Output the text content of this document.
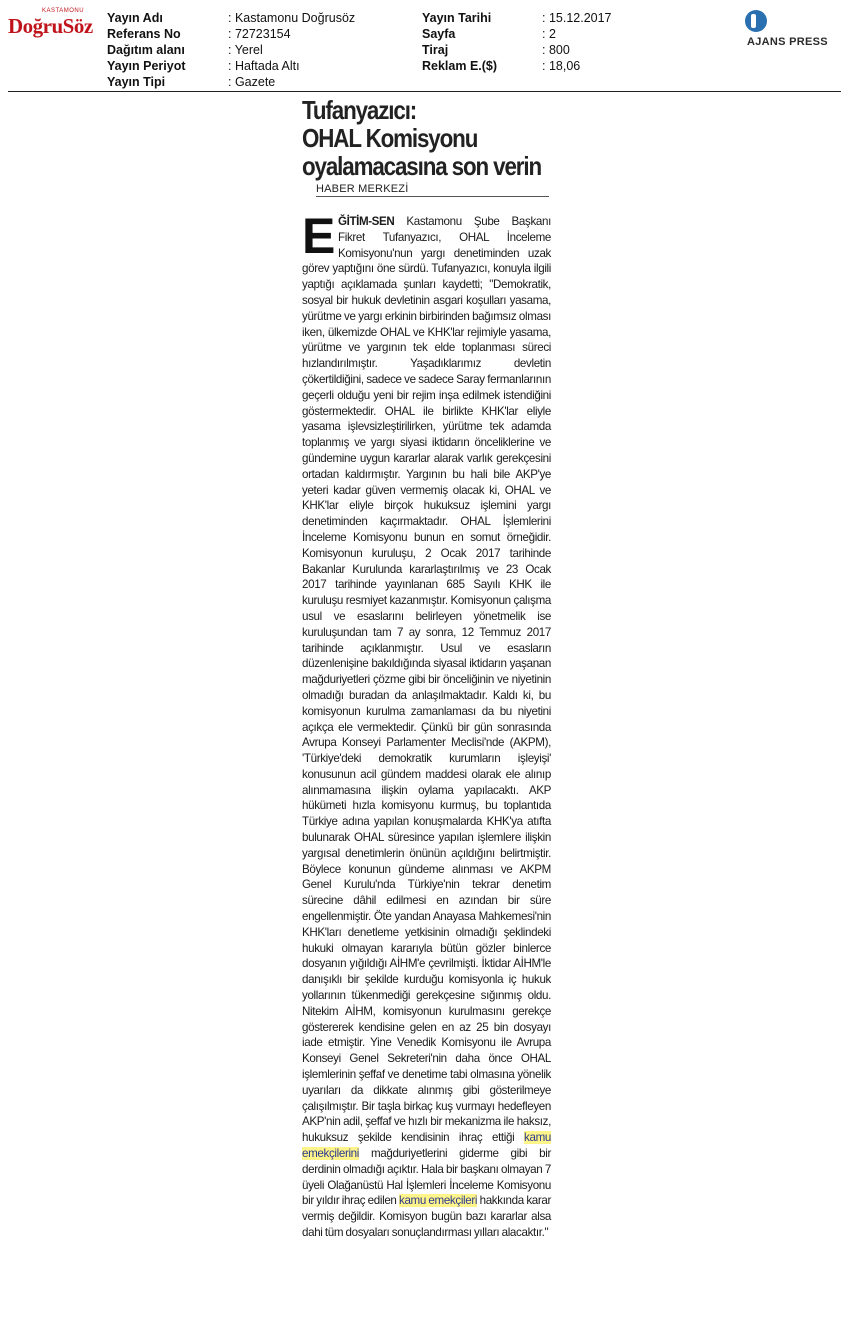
KASTAMONU
DoğruSöz Yayın Adı	: Kastamonu Doğrusöz
Referans No	: 72723154
Dağıtım alanı	: Yerel
Yayın Periyot	: Haftada Altı
Yayın Tipi	: Gazete
Yayın Tarihi	: 15.12.2017
Sayfa	: 2
Tiraj	: 800
Reklam E.($)	: 18,06
AJANS PRESS
Tufanyazıcı:
OHAL Komisyonu
oyalamacasına son verin
HABER MERKEZİ
EĞİTİM-SEN Kastamonu Şube Başkanı Fikret Tufanyazıcı, OHAL İnceleme Komisyonu'nun yargı denetiminden uzak görev yaptığını öne sürdü. Tufanyazıcı, konuyla ilgili yaptığı açıklamada şunları kaydetti; "Demokratik, sosyal bir hukuk devletinin asgari koşulları yasama, yürütme ve yargı erkinin birbirinden bağımsız olması iken, ülkemizde OHAL ve KHK'lar rejimiyle yasama, yürütme ve yargının tek elde toplanması süreci hızlandırılmıştır. Yaşadıklarımız devletin çökertildiğini, sadece ve sadece Saray fermanlarının geçerli olduğu yeni bir rejim inşa edilmek istendiğini göstermektedir. OHAL ile birlikte KHK'lar eliyle yasama işlevsizleştirilirken, yürütme tek adamda toplanmış ve yargı siyasi iktidarın önceliklerine ve gündemine uygun kararlar alarak varlık gerekçesini ortadan kaldırmıştır. Yargının bu hali bile AKP'ye yeteri kadar güven vermemiş olacak ki, OHAL ve KHK'lar eliyle birçok hukuksuz işlemini yargı denetiminden kaçırmaktadır. OHAL İşlemlerini İnceleme Komisyonu bunun en somut örneğidir. Komisyonun kuruluşu, 2 Ocak 2017 tarihinde Bakanlar Kurulunda kararlaştırılmış ve 23 Ocak 2017 tarihinde yayınlanan 685 Sayılı KHK ile kuruluşu resmiyet kazanmıştır. Komisyonun çalışma usul ve esaslarını belirleyen yönetmelik ise kuruluşundan tam 7 ay sonra, 12 Temmuz 2017 tarihinde açıklanmıştır. Usul ve esasların düzenlenişine bakıldığında siyasal iktidarın yaşanan mağduriyetleri çözme gibi bir önceliğinin ve niyetinin olmadığı buradan da anlaşılmaktadır. Kaldı ki, bu komisyonun kurulma zamanlaması da bu niyetini açıkça ele vermektedir. Çünkü bir gün sonrasında Avrupa Konseyi Parlamenter Meclisi'nde (AKPM), 'Türkiye'deki demokratik kurumların işleyişi' konusunun acil gündem maddesi olarak ele alınıp alınmamasına ilişkin oylama yapılacaktı. AKP hükümeti hızla komisyonu kurmuş, bu toplantıda Türkiye adına yapılan konuşmalarda KHK'ya atıfta bulunarak OHAL süresince yapılan işlemlere ilişkin yargısal denetimlerin önünün açıldığını belirtmiştir. Böylece konunun gündeme alınması ve AKPM Genel Kurulu'nda Türkiye'nin tekrar denetim sürecine dâhil edilmesi en azından bir süre engellenmiştir. Öte yandan Anayasa Mahkemesi'nin KHK'ları denetleme yetkisinin olmadığı şeklindeki hukuki olmayan kararıyla bütün gözler binlerce dosyanın yığıldığı AİHM'e çevrilmişti. İktidar AİHM'le danışıklı bir şekilde kurduğu komisyonla iç hukuk yollarının tükenmediği gerekçesine sığınmış oldu. Nitekim AİHM, komisyonun kurulmasını gerekçe göstererek kendisine gelen en az 25 bin dosyayı iade etmiştir. Yine Venedik Komisyonu ile Avrupa Konseyi Genel Sekreteri'nin daha önce OHAL işlemlerinin şeffaf ve denetime tabi olmasına yönelik uyarıları da dikkate alınmış gibi gösterilmeye çalışılmıştır. Bir taşla birkaç kuş vurmayı hedefleyen AKP'nin adil, şeffaf ve hızlı bir mekanizma ile haksız, hukuksuz şekilde kendisinin ihraç ettiği kamu emekçilerini mağduriyetlerini giderme gibi bir derdinin olmadığı açıktır. Hala bir başkanı olmayan 7 üyeli Olağanüstü Hal İşlemleri İnceleme Komisyonu bir yıldır ihraç edilen kamu emekçileri hakkında karar vermiş değildir. Komisyon bugün bazı kararlar alsa dahi tüm dosyaları sonuçlandırması yılları alacaktır."
